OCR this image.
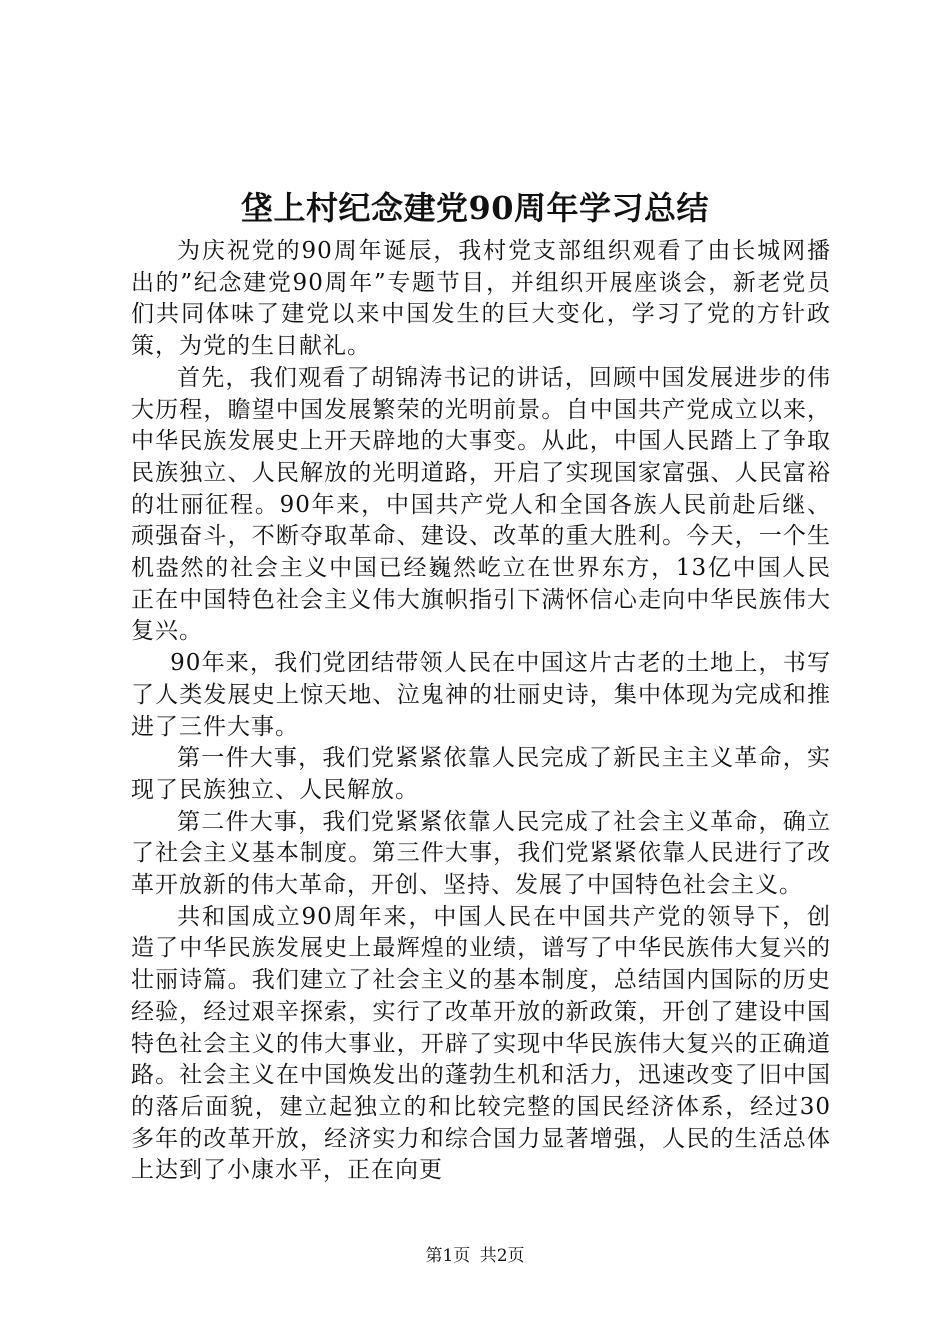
垡上村纪念建党90周年学习总结

为庆祝党的90周年诞辰，我村党支部组织观看了由长城网播出的”纪念建党90周年”专题节目，并组织开展座谈会，新老党员们共同体味了建党以来中国发生的巨大变化，学习了党的方针政策，为党的生日献礼。

首先，我们观看了胡锦涛书记的讲话，回顾中国发展进步的伟大历程，瞻望中国发展繁荣的光明前景。自中国共产党成立以来，中华民族发展史上开天辟地的大事变。从此，中国人民踏上了争取民族独立、人民解放的光明道路，开启了实现国家富强、人民富裕的壮丽征程。90年来，中国共产党人和全国各族人民前赴后继、顽强奋斗，不断夺取革命、建设、改革的重大胜利。今天，一个生机盎然的社会主义中国已经巍然屹立在世界东方，13亿中国人民正在中国特色社会主义伟大旗帜指引下满怀信心走向中华民族伟大复兴。

90年来，我们党团结带领人民在中国这片古老的土地上，书写了人类发展史上惊天地、泣鬼神的壮丽史诗，集中体现为完成和推进了三件大事。

第一件大事，我们党紧紧依靠人民完成了新民主主义革命，实现了民族独立、人民解放。

第二件大事，我们党紧紧依靠人民完成了社会主义革命，确立了社会主义基本制度。第三件大事，我们党紧紧依靠人民进行了改革开放新的伟大革命，开创、坚持、发展了中国特色社会主义。

共和国成立90周年来，中国人民在中国共产党的领导下，创造了中华民族发展史上最辉煌的业绩，谱写了中华民族伟大复兴的壮丽诗篇。我们建立了社会主义的基本制度，总结国内国际的历史经验，经过艰辛探索，实行了改革开放的新政策，开创了建设中国特色社会主义的伟大事业，开辟了实现中华民族伟大复兴的正确道路。社会主义在中国焕发出的蓬勃生机和活力，迅速改变了旧中国的落后面貌，建立起独立的和比较完整的国民经济体系，经过30多年的改革开放，经济实力和综合国力显著增强，人民的生活总体上达到了小康水平，正在向更

第1页 共2页
